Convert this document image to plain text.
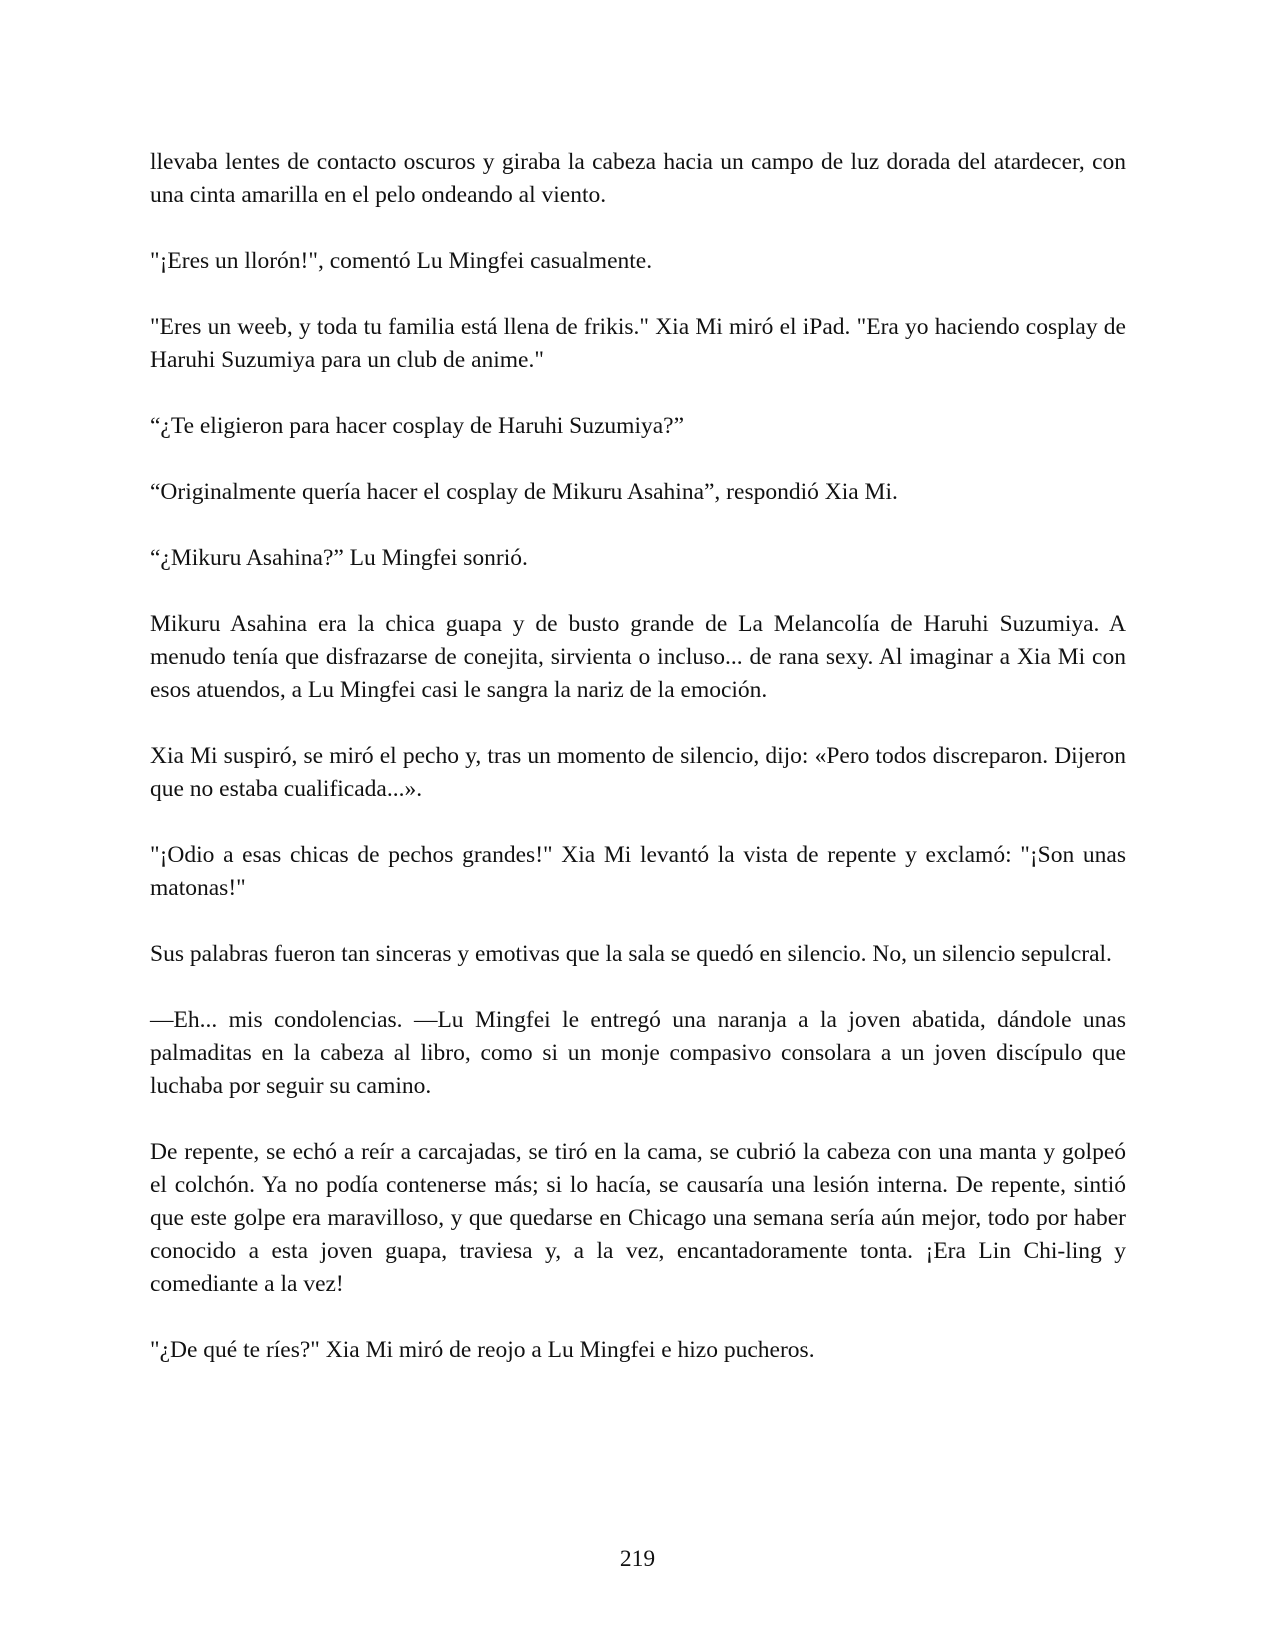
llevaba lentes de contacto oscuros y giraba la cabeza hacia un campo de luz dorada del atardecer, con una cinta amarilla en el pelo ondeando al viento.

"¡Eres un llorón!", comentó Lu Mingfei casualmente.

"Eres un weeb, y toda tu familia está llena de frikis." Xia Mi miró el iPad. "Era yo haciendo cosplay de Haruhi Suzumiya para un club de anime."

“¿Te eligieron para hacer cosplay de Haruhi Suzumiya?”

“Originalmente quería hacer el cosplay de Mikuru Asahina”, respondió Xia Mi.

“¿Mikuru Asahina?” Lu Mingfei sonrió.

Mikuru Asahina era la chica guapa y de busto grande de La Melancolía de Haruhi Suzumiya. A menudo tenía que disfrazarse de conejita, sirvienta o incluso... de rana sexy. Al imaginar a Xia Mi con esos atuendos, a Lu Mingfei casi le sangra la nariz de la emoción.

Xia Mi suspiró, se miró el pecho y, tras un momento de silencio, dijo: «Pero todos discreparon. Dijeron que no estaba cualificada...».

"¡Odio a esas chicas de pechos grandes!" Xia Mi levantó la vista de repente y exclamó: "¡Son unas matonas!"

Sus palabras fueron tan sinceras y emotivas que la sala se quedó en silencio. No, un silencio sepulcral.

—Eh... mis condolencias. —Lu Mingfei le entregó una naranja a la joven abatida, dándole unas palmaditas en la cabeza al libro, como si un monje compasivo consolara a un joven discípulo que luchaba por seguir su camino.

De repente, se echó a reír a carcajadas, se tiró en la cama, se cubrió la cabeza con una manta y golpeó el colchón. Ya no podía contenerse más; si lo hacía, se causaría una lesión interna. De repente, sintió que este golpe era maravilloso, y que quedarse en Chicago una semana sería aún mejor, todo por haber conocido a esta joven guapa, traviesa y, a la vez, encantadoramente tonta. ¡Era Lin Chi-ling y comediante a la vez!

"¿De qué te ríes?" Xia Mi miró de reojo a Lu Mingfei e hizo pucheros.

219
